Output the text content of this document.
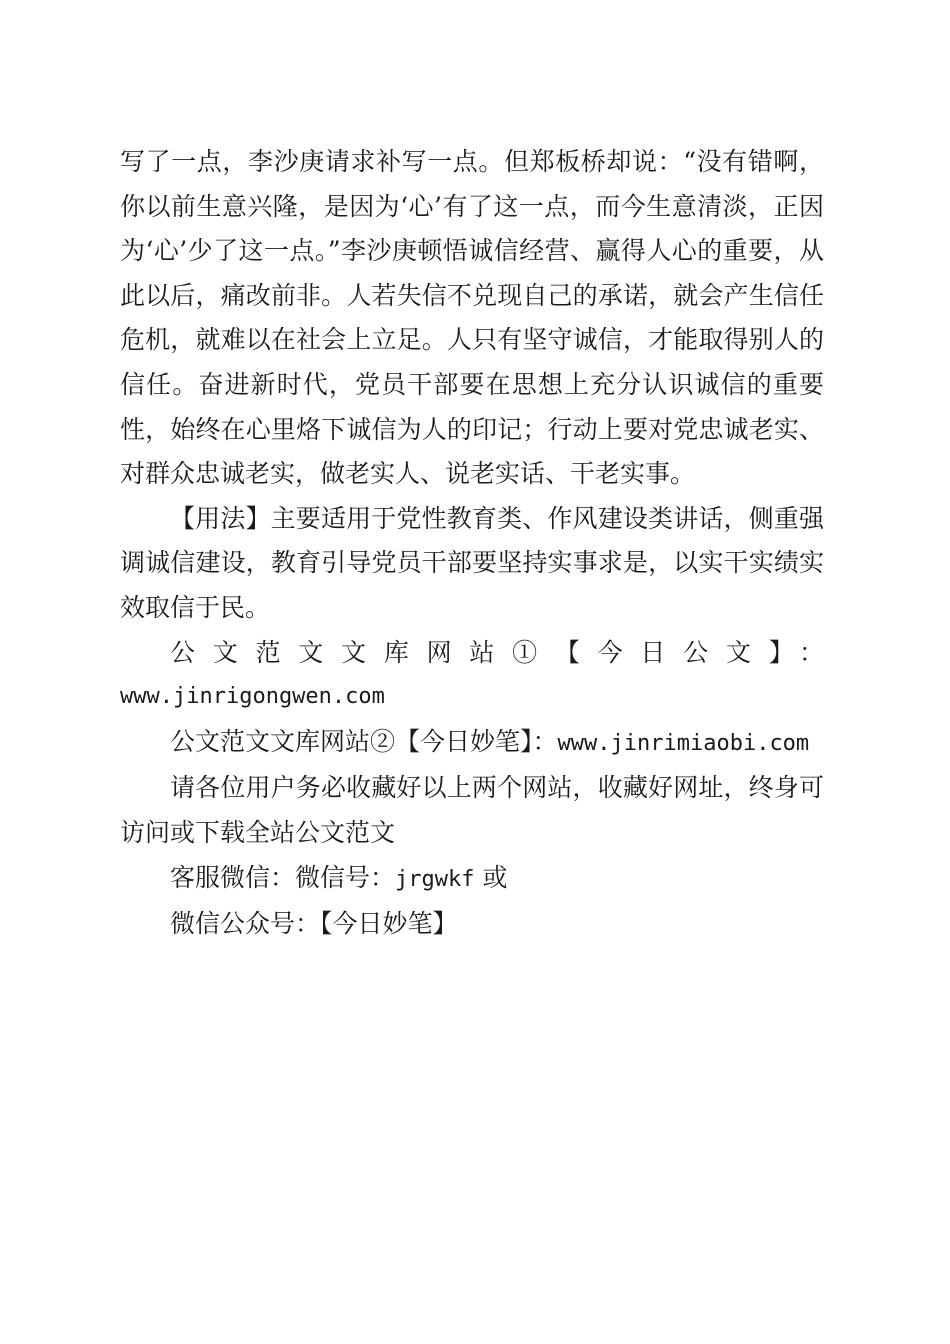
写了一点，李沙庚请求补写一点。但郑板桥却说：“没有错啊，你以前生意兴隆，是因为‘心’有了这一点，而今生意清淡，正因为‘心’少了这一点。”李沙庚顿悟诚信经营、赢得人心的重要，从此以后，痛改前非。人若失信不兑现自己的承诺，就会产生信任危机，就难以在社会上立足。人只有坚守诚信，才能取得别人的信任。奋进新时代，党员干部要在思想上充分认识诚信的重要性，始终在心里烙下诚信为人的印记；行动上要对党忠诚老实、对群众忠诚老实，做老实人、说老实话、干老实事。

【用法】主要适用于党性教育类、作风建设类讲话，侧重强调诚信建设，教育引导党员干部要坚持实事求是，以实干实绩实效取信于民。

公文范文文库网站①【今日公文】：

www.jinrigongwen.com

公文范文文库网站②【今日妙笔】：www.jinrimiaobi.com

请各位用户务必收藏好以上两个网站，收藏好网址，终身可访问或下载全站公文范文

客服微信：微信号：jrgwkf 或

微信公众号：【今日妙笔】
